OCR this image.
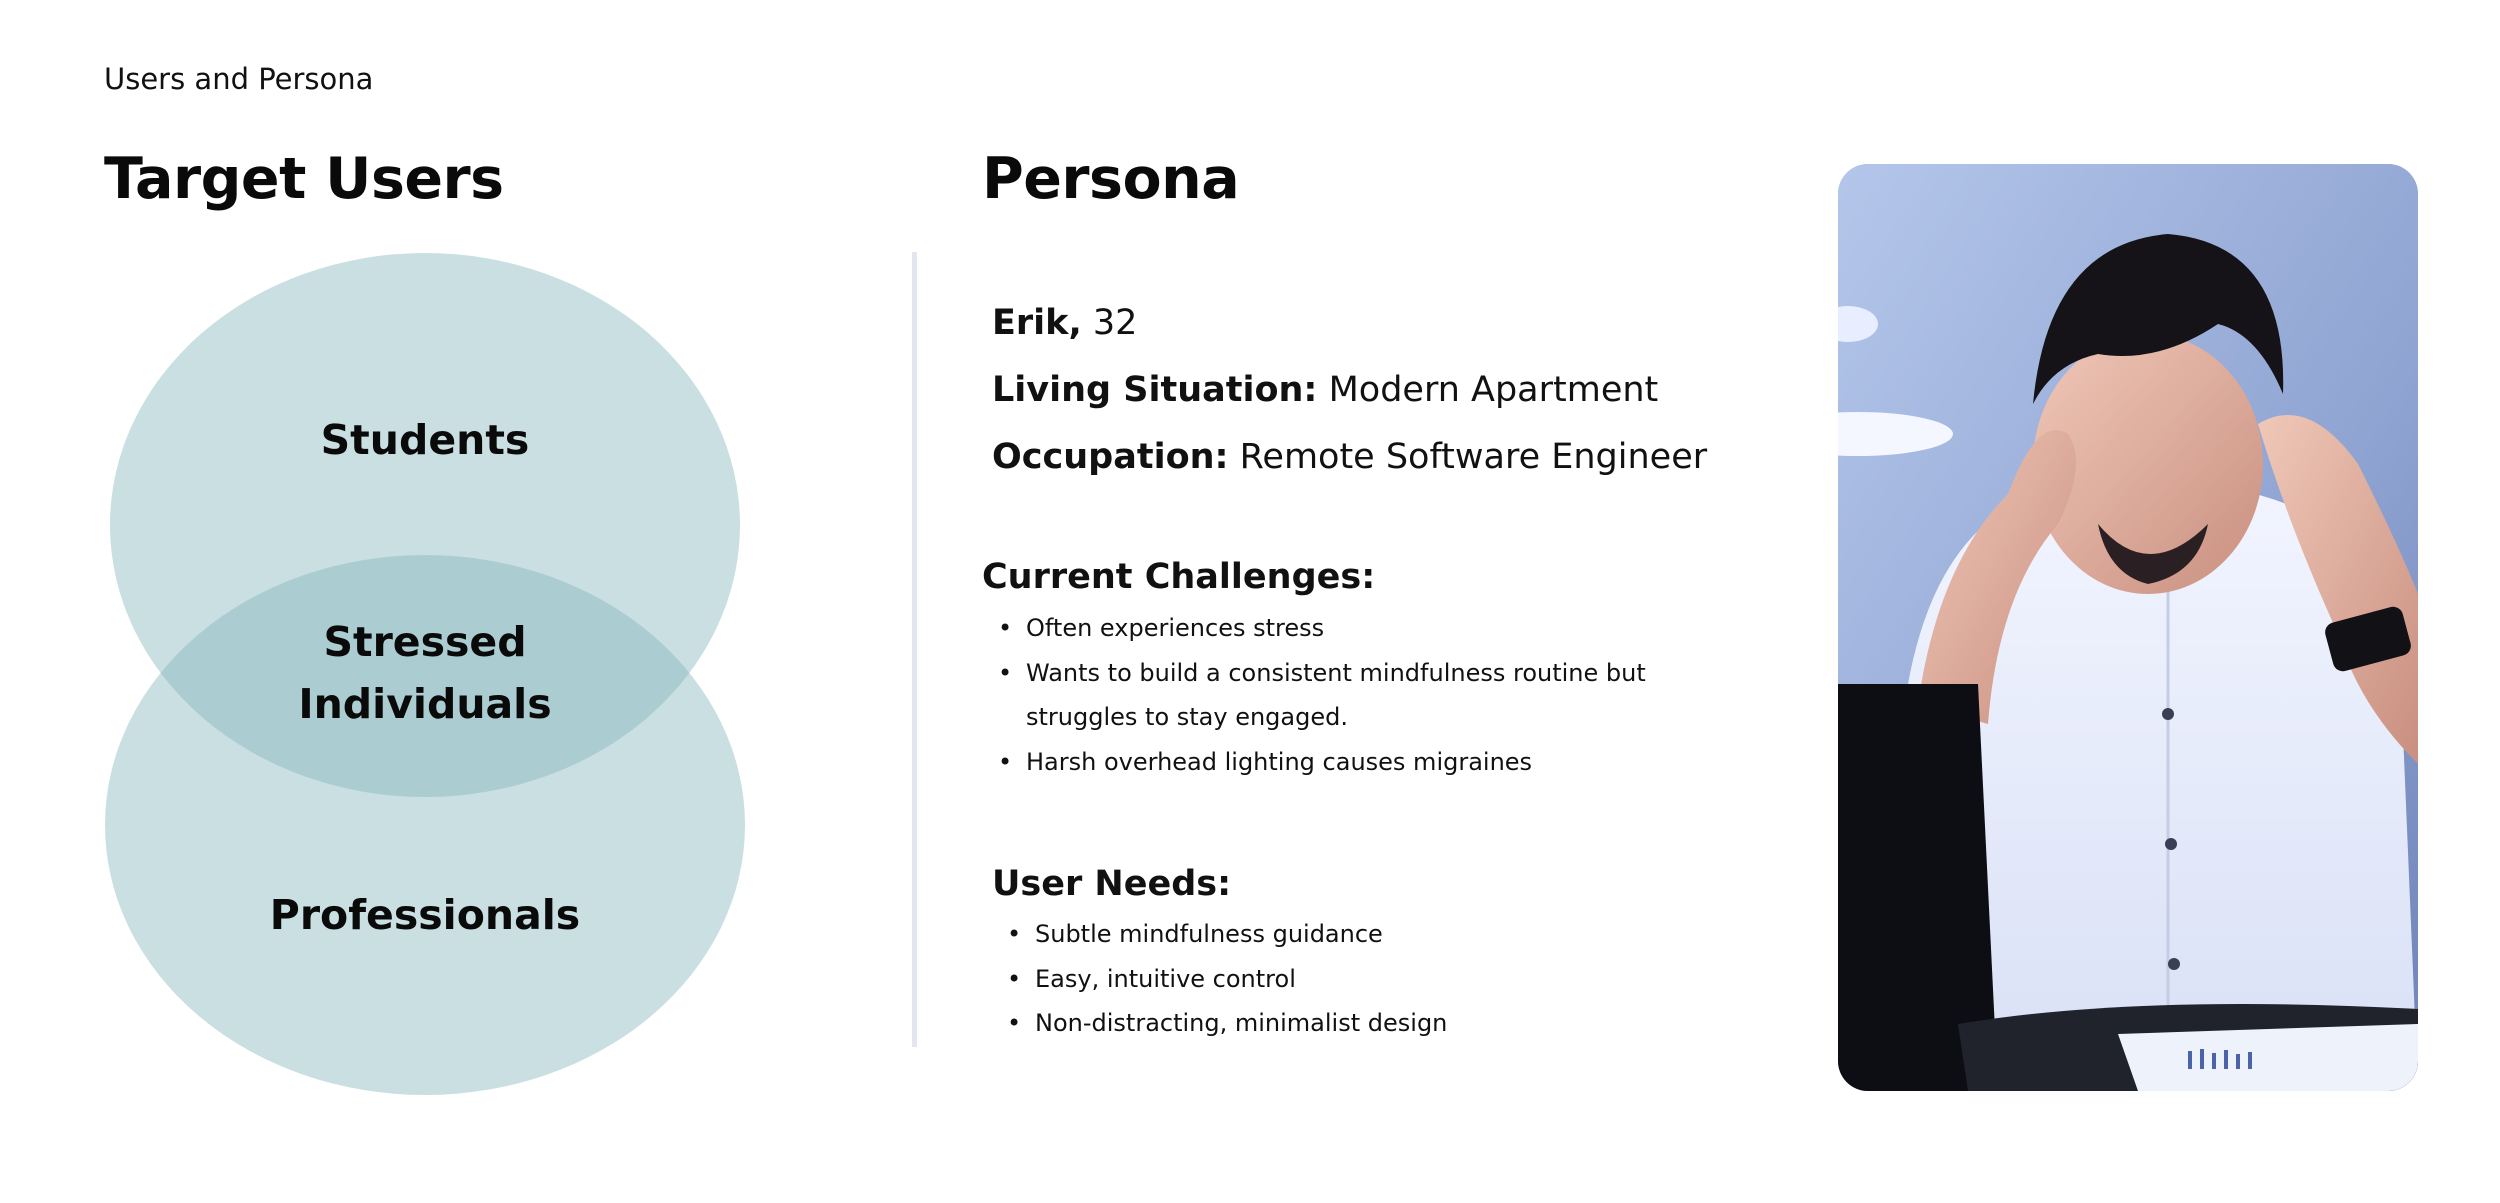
Users and Persona
Target Users	Persona
Students
Stressed
Individuals
Professionals
Erik, 32
Living Situation: Modern Apartment
Occupation: Remote Software Engineer
Current Challenges:
• Often experiences stress
• Wants to build a consistent mindfulness routine but struggles to stay engaged.
• Harsh overhead lighting causes migraines
User Needs:
• Subtle mindfulness guidance
• Easy, intuitive control
• Non-distracting, minimalist design
